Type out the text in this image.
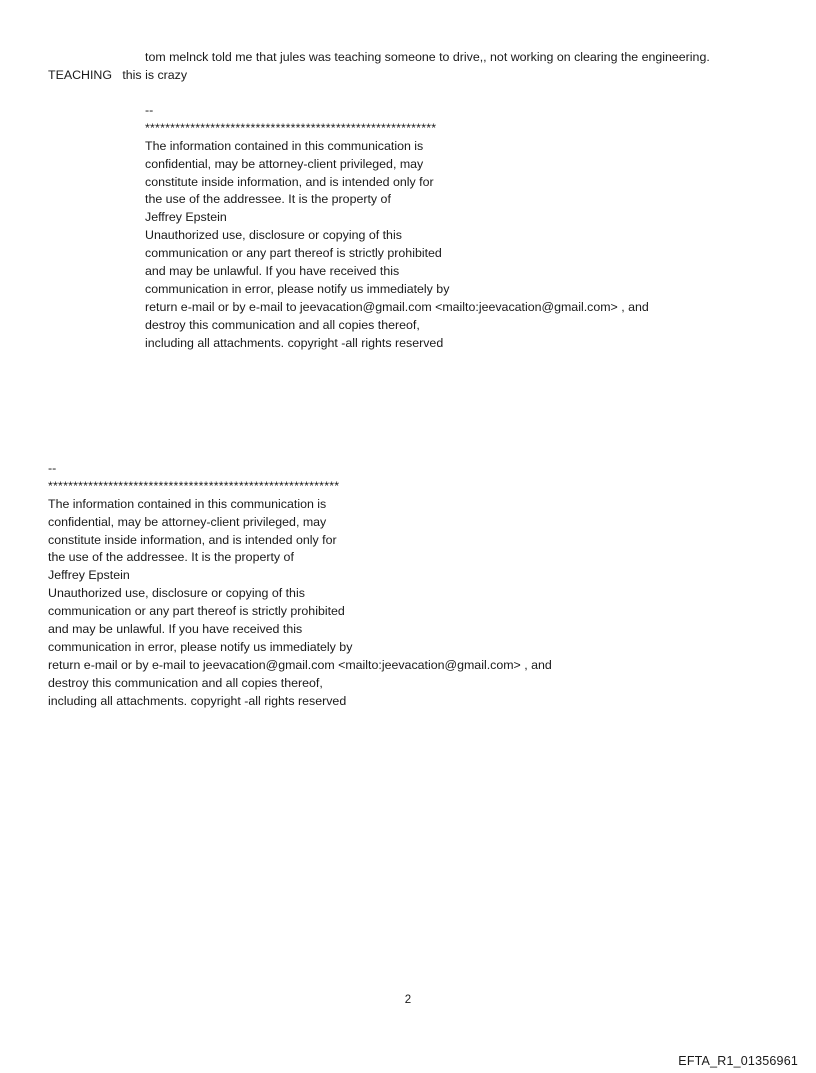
tom melnck told me that jules was teaching someone to drive,, not working on clearing the engineering.
TEACHING   this is crazy
--
**********************************************************
The information contained in this communication is
confidential, may be attorney-client privileged, may
constitute inside information, and is intended only for
the use of the addressee. It is the property of
Jeffrey Epstein
Unauthorized use, disclosure or copying of this
communication or any part thereof is strictly prohibited
and may be unlawful. If you have received this
communication in error, please notify us immediately by
return e-mail or by e-mail to jeevacation@gmail.com <mailto:jeevacation@gmail.com> , and
destroy this communication and all copies thereof,
including all attachments. copyright -all rights reserved
--
**********************************************************
The information contained in this communication is
confidential, may be attorney-client privileged, may
constitute inside information, and is intended only for
the use of the addressee. It is the property of
Jeffrey Epstein
Unauthorized use, disclosure or copying of this
communication or any part thereof is strictly prohibited
and may be unlawful. If you have received this
communication in error, please notify us immediately by
return e-mail or by e-mail to jeevacation@gmail.com <mailto:jeevacation@gmail.com> , and
destroy this communication and all copies thereof,
including all attachments. copyright -all rights reserved
2
EFTA_R1_01356961
